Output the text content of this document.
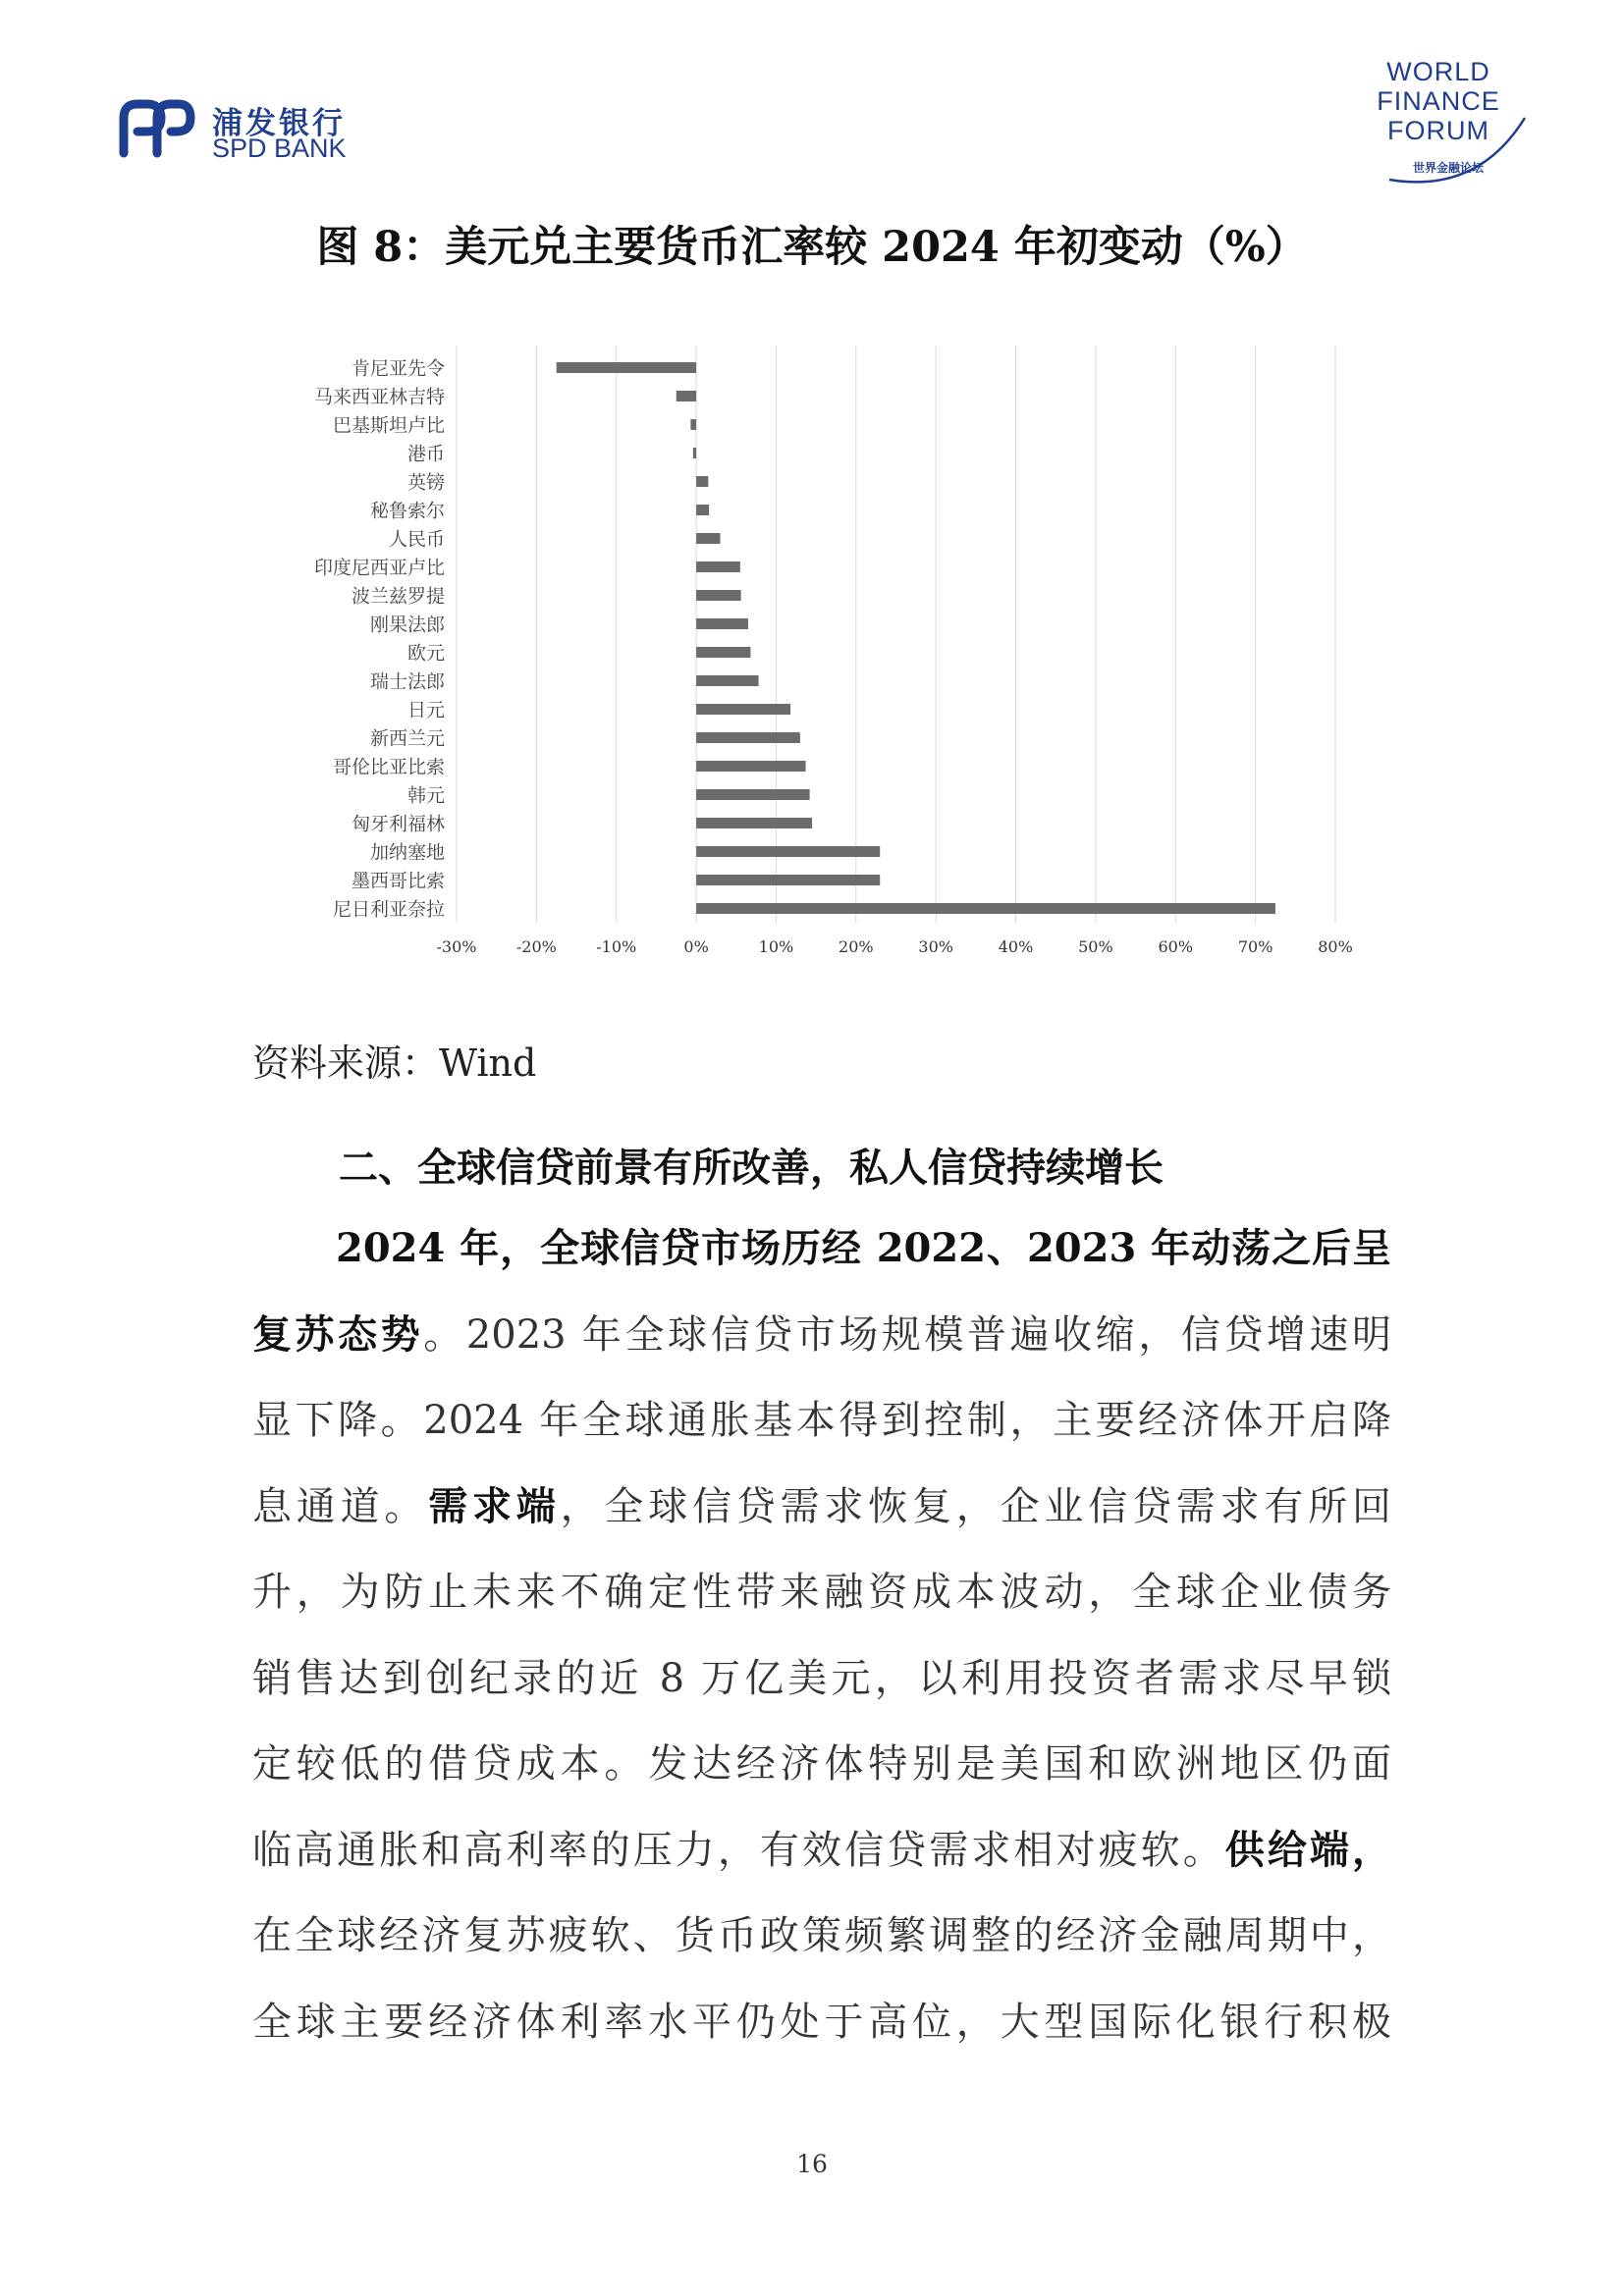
浦发银行
SPD BANK
WORLD
FINANCE
FORUM
世界金融论坛
图 8：美元兑主要货币汇率较 2024 年初变动（%）
肯尼亚先令
马来西亚林吉特
巴基斯坦卢比
港币
英镑
秘鲁索尔
人民币
印度尼西亚卢比
波兰兹罗提
刚果法郎
欧元
瑞士法郎
日元
新西兰元
哥伦比亚比索
韩元
匈牙利福林
加纳塞地
墨西哥比索
尼日利亚奈拉
-30%	-20%	-10%	0%	10%	20%	30%	40%	50%	60%	70%	80%
资料来源：Wind
二、全球信贷前景有所改善，私人信贷持续增长
2024 年，全球信贷市场历经 2022、2023 年动荡之后呈
复苏态势。2023 年全球信贷市场规模普遍收缩，信贷增速明
显下降。2024 年全球通胀基本得到控制，主要经济体开启降
息通道。需求端，全球信贷需求恢复，企业信贷需求有所回
升，为防止未来不确定性带来融资成本波动，全球企业债务
销售达到创纪录的近 8 万亿美元，以利用投资者需求尽早锁
定较低的借贷成本。发达经济体特别是美国和欧洲地区仍面
临高通胀和高利率的压力，有效信贷需求相对疲软。供给端，
在全球经济复苏疲软、货币政策频繁调整的经济金融周期中，
全球主要经济体利率水平仍处于高位，大型国际化银行积极
16
